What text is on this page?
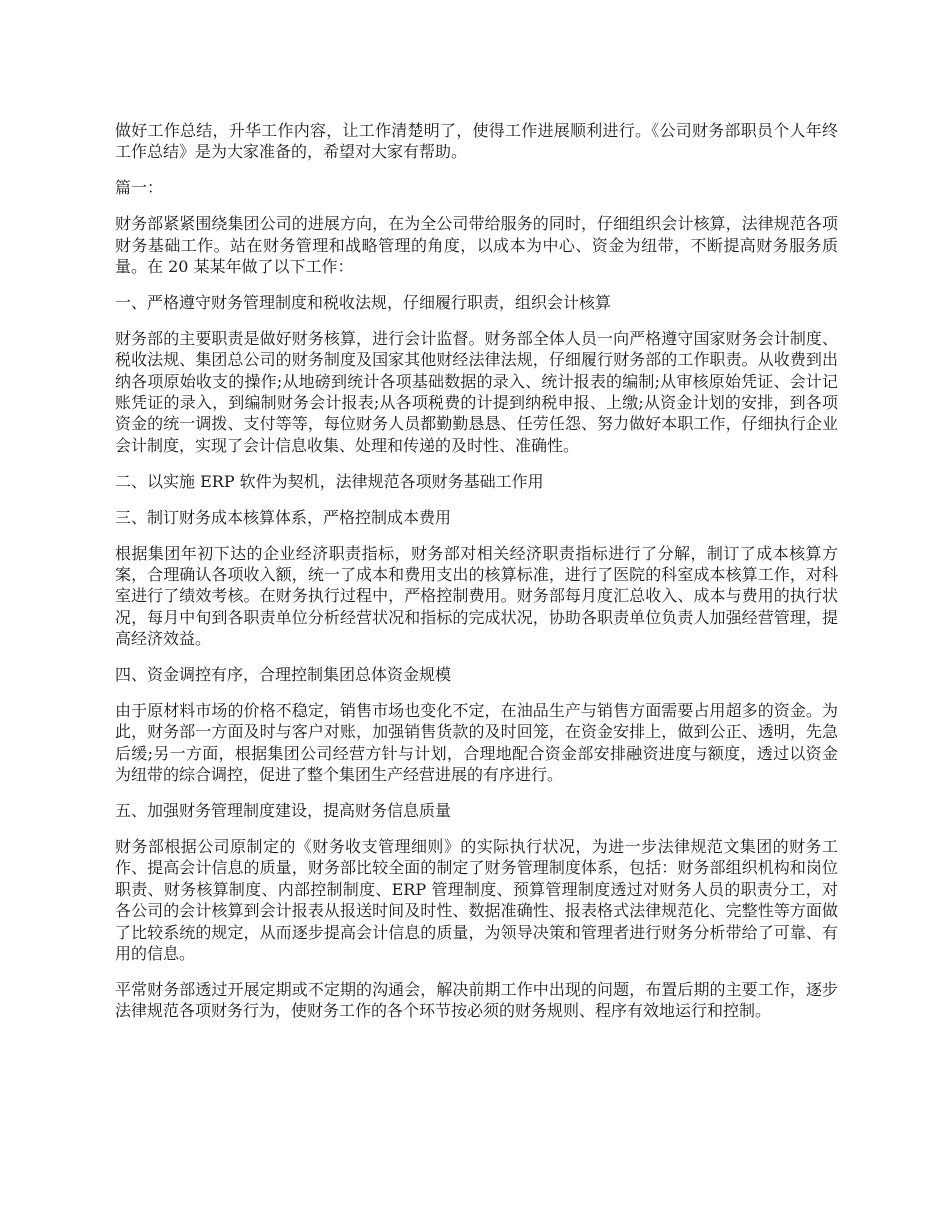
做好工作总结，升华工作内容，让工作清楚明了，使得工作进展顺利进行。《公司财务部职员个人年终工作总结》是为大家准备的，希望对大家有帮助。

篇一：

财务部紧紧围绕集团公司的进展方向，在为全公司带给服务的同时，仔细组织会计核算，法律规范各项财务基础工作。站在财务管理和战略管理的角度，以成本为中心、资金为纽带，不断提高财务服务质量。在 20 某某年做了以下工作：

一、严格遵守财务管理制度和税收法规，仔细履行职责，组织会计核算

财务部的主要职责是做好财务核算，进行会计监督。财务部全体人员一向严格遵守国家财务会计制度、税收法规、集团总公司的财务制度及国家其他财经法律法规，仔细履行财务部的工作职责。从收费到出纳各项原始收支的操作;从地磅到统计各项基础数据的录入、统计报表的编制;从审核原始凭证、会计记账凭证的录入，到编制财务会计报表;从各项税费的计提到纳税申报、上缴;从资金计划的安排，到各项资金的统一调拨、支付等等，每位财务人员都勤勤恳恳、任劳任怨、努力做好本职工作，仔细执行企业会计制度，实现了会计信息收集、处理和传递的及时性、准确性。

二、以实施 ERP 软件为契机，法律规范各项财务基础工作用

三、制订财务成本核算体系，严格控制成本费用

根据集团年初下达的企业经济职责指标，财务部对相关经济职责指标进行了分解，制订了成本核算方案，合理确认各项收入额，统一了成本和费用支出的核算标准，进行了医院的科室成本核算工作，对科室进行了绩效考核。在财务执行过程中，严格控制费用。财务部每月度汇总收入、成本与费用的执行状况，每月中旬到各职责单位分析经营状况和指标的完成状况，协助各职责单位负责人加强经营管理，提高经济效益。

四、资金调控有序，合理控制集团总体资金规模

由于原材料市场的价格不稳定，销售市场也变化不定，在油品生产与销售方面需要占用超多的资金。为此，财务部一方面及时与客户对账，加强销售货款的及时回笼，在资金安排上，做到公正、透明，先急后缓;另一方面，根据集团公司经营方针与计划，合理地配合资金部安排融资进度与额度，透过以资金为纽带的综合调控，促进了整个集团生产经营进展的有序进行。

五、加强财务管理制度建设，提高财务信息质量

财务部根据公司原制定的《财务收支管理细则》的实际执行状况，为进一步法律规范文集团的财务工作、提高会计信息的质量，财务部比较全面的制定了财务管理制度体系，包括：财务部组织机构和岗位职责、财务核算制度、内部控制制度、ERP 管理制度、预算管理制度透过对财务人员的职责分工，对各公司的会计核算到会计报表从报送时间及时性、数据准确性、报表格式法律规范化、完整性等方面做了比较系统的规定，从而逐步提高会计信息的质量，为领导决策和管理者进行财务分析带给了可靠、有用的信息。

平常财务部透过开展定期或不定期的沟通会，解决前期工作中出现的问题，布置后期的主要工作，逐步法律规范各项财务行为，使财务工作的各个环节按必须的财务规则、程序有效地运行和控制。
